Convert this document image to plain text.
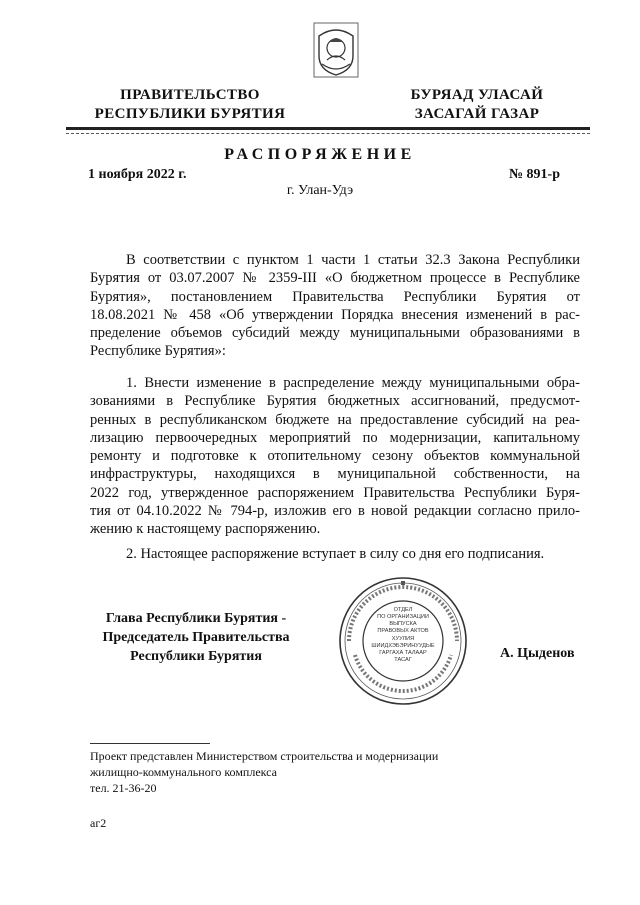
ПРАВИТЕЛЬСТВО
РЕСПУБЛИКИ БУРЯТИЯ
БУРЯАД УЛАСАЙ
ЗАСАГАЙ ГАЗАР
РАСПОРЯЖЕНИЕ
1 ноября 2022 г.	№ 891-р
г. Улан-Удэ
В соответствии с пунктом 1 части 1 статьи 32.3 Закона Республики
Бурятия от 03.07.2007 № 2359-III «О бюджетном процессе в Республике
Бурятия», постановлением Правительства Республики Бурятия от
18.08.2021 № 458 «Об утверждении Порядка внесения изменений в рас-
пределение объемов субсидий между муниципальными образованиями в
Республике Бурятия»:
1. Внести изменение в распределение между муниципальными обра-
зованиями в Республике Бурятия бюджетных ассигнований, предусмот-
ренных в республиканском бюджете на предоставление субсидий на реа-
лизацию первоочередных мероприятий по модернизации, капитальному
ремонту и подготовке к отопительному сезону объектов коммунальной
инфраструктуры, находящихся в муниципальной собственности, на
2022 год, утвержденное распоряжением Правительства Республики Буря-
тия от 04.10.2022 № 794-р, изложив его в новой редакции согласно прило-
жению к настоящему распоряжению.
2. Настоящее распоряжение вступает в силу со дня его подписания.
Глава Республики Бурятия -
Председатель Правительства
Республики Бурятия
ОТДЕЛ
ПО ОРГАНИЗАЦИИ
ВЫПУСКА
ПРАВОВЫХ АКТОВ
ХУУЛИЯ
ШИИДХЭБЭРИНУУДЫЕ
ГАРГАХА ТАЛААР
ТАСАГ	А. Цыденов
Проект представлен Министерством строительства и модернизации
жилищно-коммунального комплекса
тел. 21-36-20
аг2
